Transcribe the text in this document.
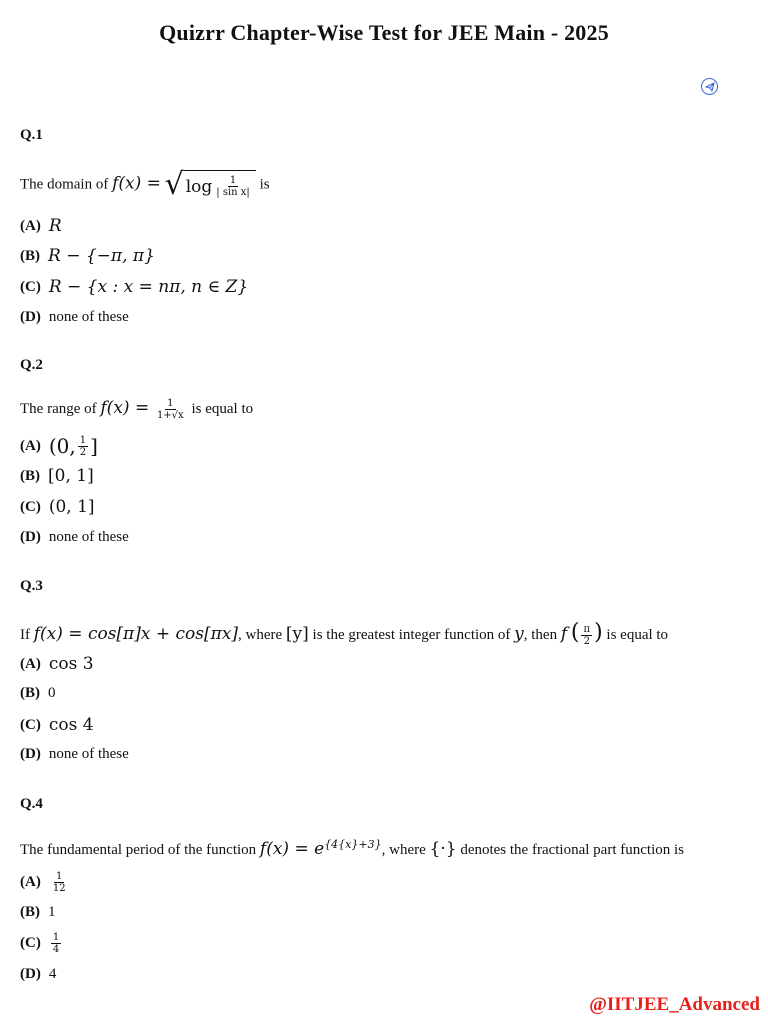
Quizrr Chapter-Wise Test for JEE Main - 2025
Q.1
The domain of f(x) = √ $\log \frac{1}{\text{| sin x|}}$ is
(A) R
(B) R − {−π, π}
(C) R − {x : x = nπ, n ∈ Z}
(D) none of these
Q.2
The range of $f(x) = \frac{1}{1+√x}$ is equal to
(A) (0, $\frac{1}{2}$ ]
(B) [0, 1]
(C) (0, 1]
(D) none of these
Q.3
If f(x) = cos[π]x + cos[πx], where [y] is the greatest integer function of y, then f ( $\frac{\pi}{2}$ ) is equal to
(A) cos 3
(B) 0
(C) cos 4
(D) none of these
Q.4
The fundamental period of the function $f(x) = e^{\{4\{x\}+3\}}$, where {·} denotes the fractional part function is
$(A) \frac{1}{12}$
(B) 1
$(C) \frac{1}{4}$
(D) 4
@IITJEE_Advanced
